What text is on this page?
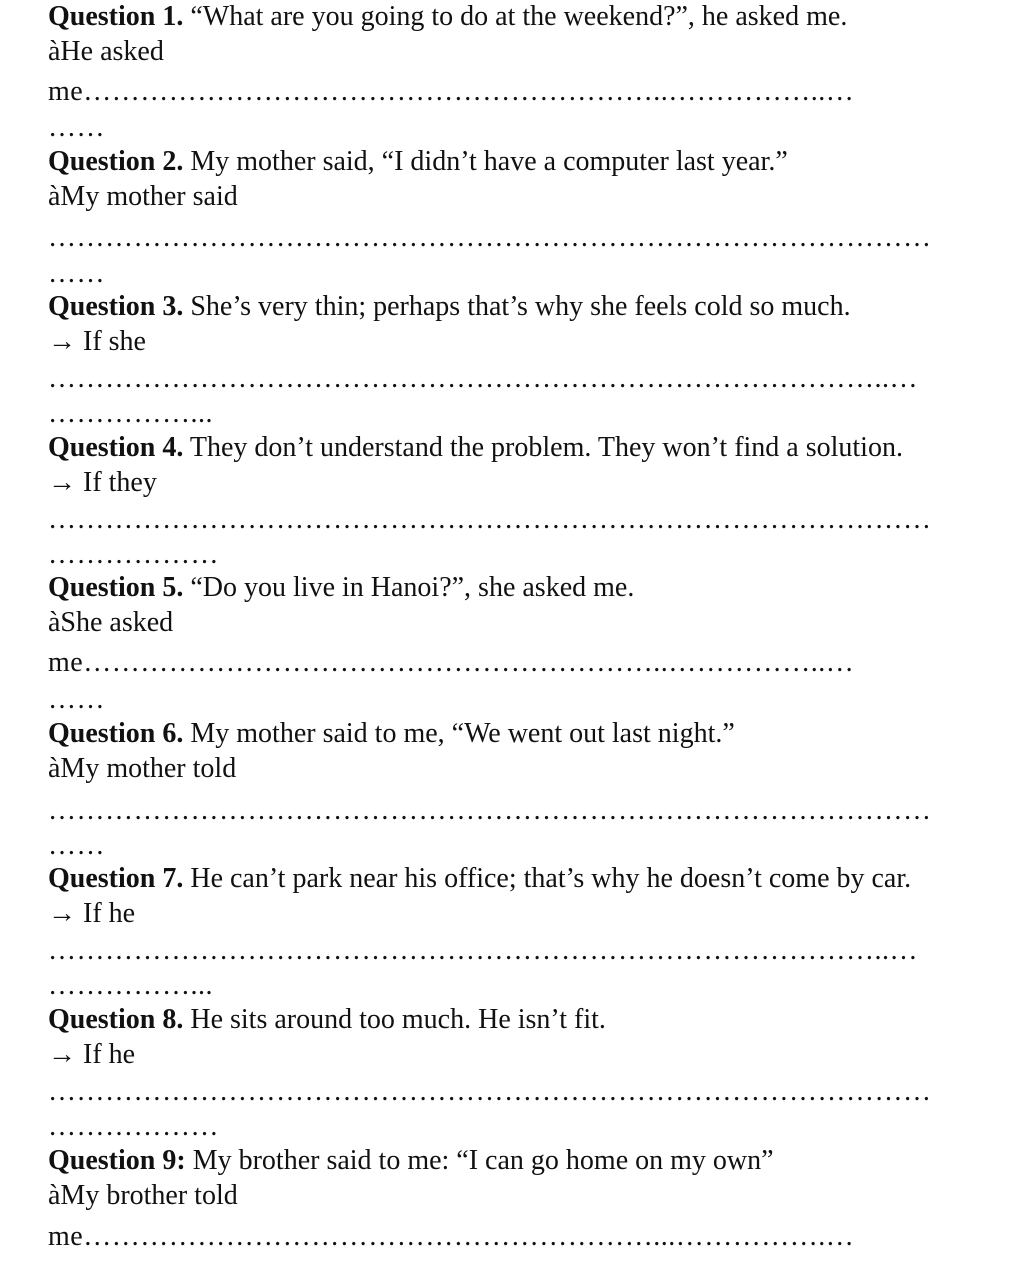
Question 1. “What are you going to do at the weekend?”, he asked me.
àHe asked
me……………………………………………………..……………..…
……
Question 2. My mother said, “I didn’t have a computer last year.”
àMy mother said
…………………………………………………………………………………
……
Question 3. She’s very thin; perhaps that’s why she feels cold so much.
→ If she
……………………………………………………………………………..…
……………...
Question 4. They don’t understand the problem. They won’t find a solution.
→ If they
…………………………………………………………………………………
………………
Question 5. “Do you live in Hanoi?”, she asked me.
àShe asked
me……………………………………………………..……………..…
……
Question 6. My mother said to me, “We went out last night.”
àMy mother told
…………………………………………………………………………………
……
Question 7. He can’t park near his office; that’s why he doesn’t come by car.
→ If he
……………………………………………………………………………..…
……………...
Question 8. He sits around too much. He isn’t fit.
→ If he
…………………………………………………………………………………
………………
Question 9: My brother said to me: “I can go home on my own”
àMy brother told
me……………………………………………………...…………….…
